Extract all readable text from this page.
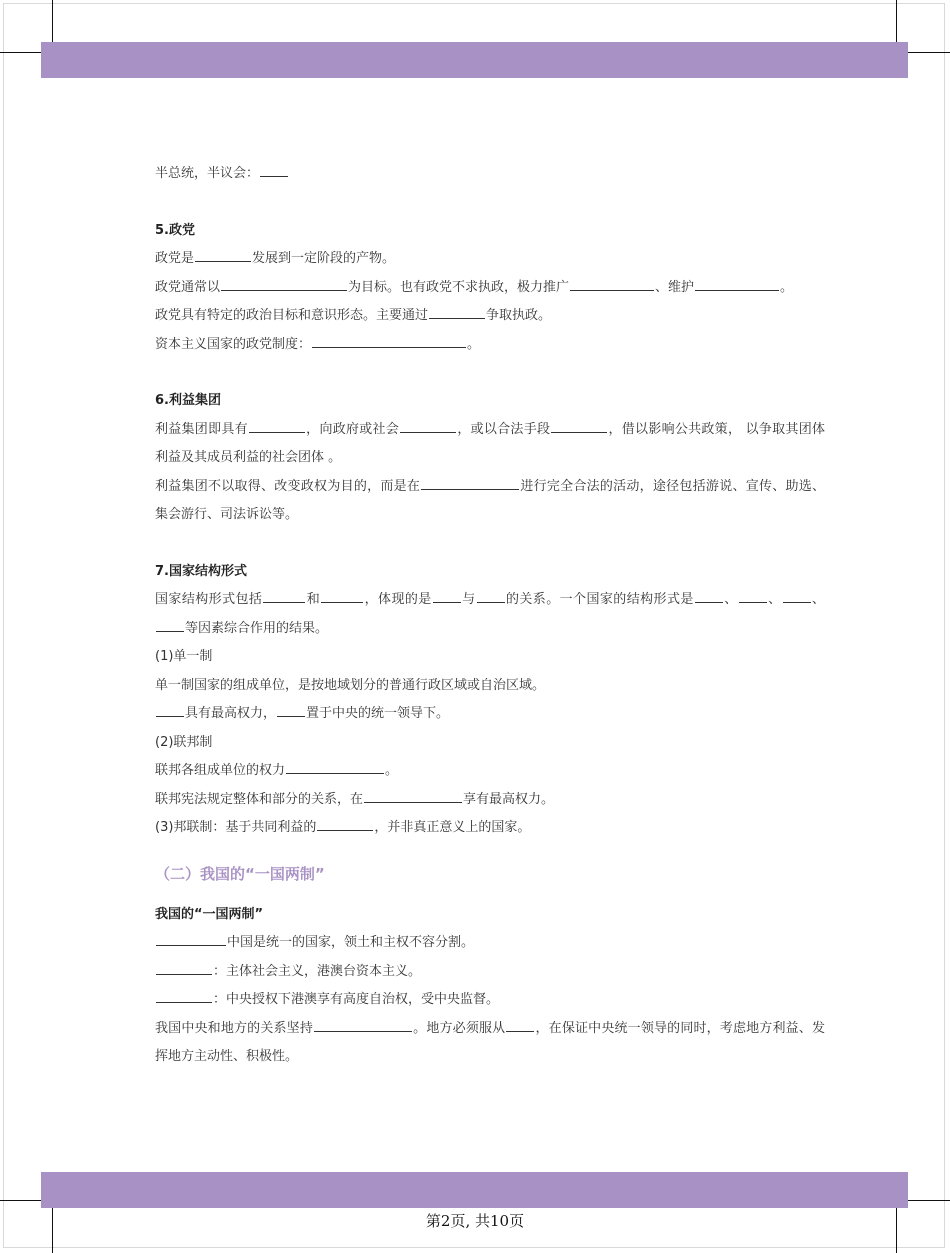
半总统，半议会：

5.政党

政党是	发展到一定阶段的产物。

政党通常以	为目标。也有政党不求执政，极力推广	、维护	。

政党具有特定的政治目标和意识形态。主要通过	争取执政。

资本主义国家的政党制度：	。

6.利益集团

利益集团即具有	，向政府或社会	，或以合法手段	，借以影响公共政策， 以争取其团体利益及其成员利益的社会团体 。

利益集团不以取得、改变政权为目的，而是在	进行完全合法的活动，途径包括游说、宣传、助选、集会游行、司法诉讼等。

7.国家结构形式

国家结构形式包括	和	，体现的是 与 的关系。一个国家的结构形式是 、 、 、等因素综合作用的结果。

(1)单一制

单一制国家的组成单位，是按地域划分的普通行政区域或自治区域。

具有最高权力， 置于中央的统一领导下。

(2)联邦制

联邦各组成单位的权力	。

联邦宪法规定整体和部分的关系，在	享有最高权力。

(3)邦联制：基于共同利益的	，并非真正意义上的国家。

（二）我国的“一国两制”

我国的“一国两制”

中国是统一的国家，领土和主权不容分割。

：主体社会主义，港澳台资本主义。

：中央授权下港澳享有高度自治权，受中央监督。

我国中央和地方的关系坚持	。地方必须服从 ，在保证中央统一领导的同时，考虑地方利益、发挥地方主动性、积极性。

第2页, 共10页
